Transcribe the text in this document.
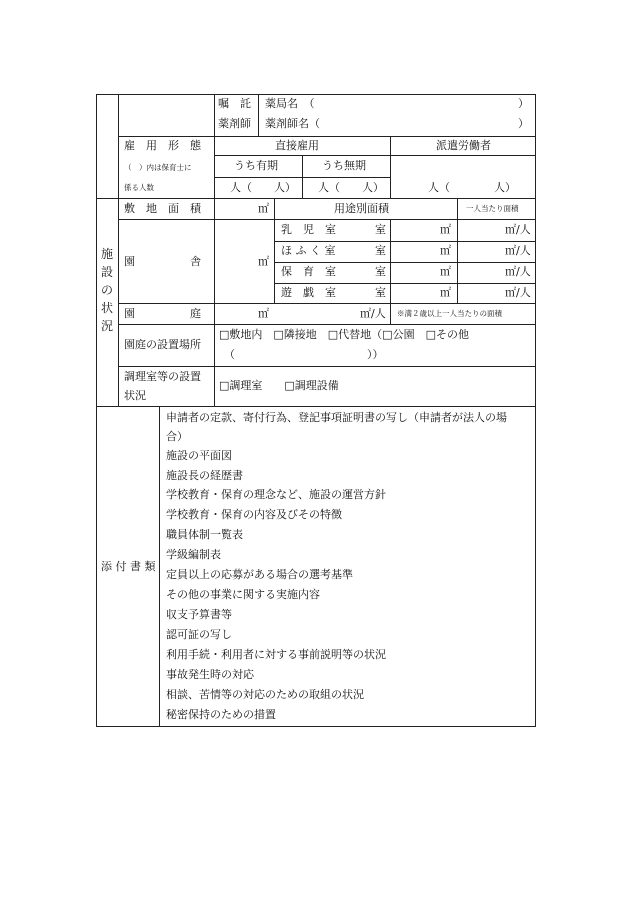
嘱　託
薬剤師
薬局名　（	）
薬剤師名（	）
雇　用　形　態
（　）内は保育士に
係る人数
直接雇用	派遣労働者
うち有期	うち無期
人（　　人） 人（　　人）	人（　　　　人）
施設の状況
敷　地　面　積	㎡	用途別面積	一人当たり面積
園　　　　　舎	㎡
乳　児　室	室	㎡	㎡/人
ほ ふ く 室	室	㎡	㎡/人
保　育　室	室	㎡	㎡/人
遊　戯　室	室	㎡	㎡/人
園　　　　　庭	㎡	㎡/人 ※満２歳以上一人当たりの面積
園庭の設置場所
□敷地内　□隣接地　□代替地（□公園　□その他
（　　　　　　　　　　　　））
調理室等の設置
状況
□調理室　　□調理設備
添 付 書 類
申請者の定款、寄付行為、登記事項証明書の写し（申請者が法人の場
合）
施設の平面図
施設長の経歴書
学校教育・保育の理念など、施設の運営方針
学校教育・保育の内容及びその特徴
職員体制一覧表
学級編制表
定員以上の応募がある場合の選考基準
その他の事業に関する実施内容
収支予算書等
認可証の写し
利用手続・利用者に対する事前説明等の状況
事故発生時の対応
相談、苦情等の対応のための取組の状況
秘密保持のための措置
